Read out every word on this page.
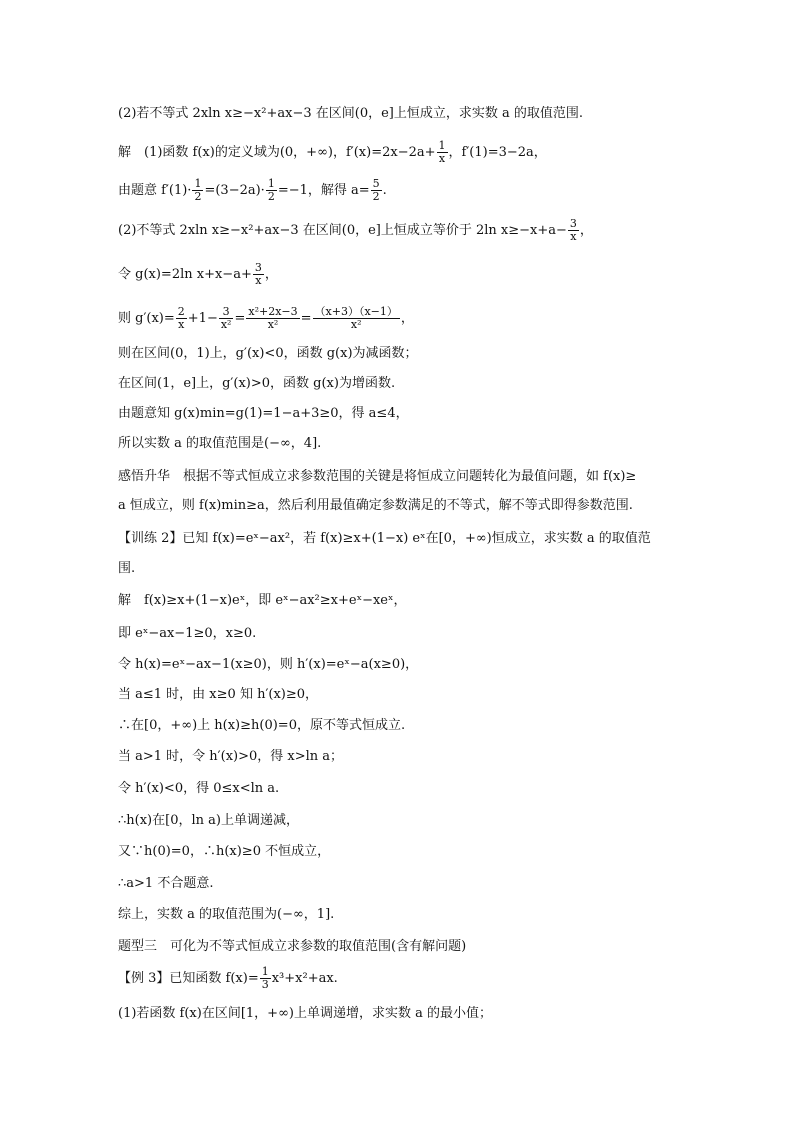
(2)若不等式 2xln x≥−x²+ax−3 在区间(0，e]上恒成立，求实数 a 的取值范围.
解　(1)函数 f(x)的定义域为(0，+∞)，$f'(x)=2x-2a+ \frac{1}{x}$ ，f′(1)=3−2a，
由题意 $f'(1)\cdot \frac{1}{2} =(3-2a)\cdot \frac{1}{2} =-1$，解得 $a= \frac{5}{2}$ .
(2)不等式 2xln x≥−x²+ax−3 在区间(0，e]上恒成立等价于 2ln $x\ge-x+a- \frac{3}{x}$ ，
令 g(x)=2ln $x+x-a+ \frac{3}{x}$ ，
则 $g'(x)= \frac{2}{x} +1- \frac{3}{\text{x²}} = \frac{\text{x²+2x−3}}{\text{x²}} = \frac{(x+3)(x-1)}{\text{x²}}$ ，
则在区间(0，1)上，g′(x)<0，函数 g(x)为减函数；
在区间(1，e]上，g′(x)>0，函数 g(x)为增函数.
由题意知 g(x)min=g(1)=1−a+3≥0，得 a≤4，
所以实数 a 的取值范围是(−∞，4].
感悟升华　根据不等式恒成立求参数范围的关键是将恒成立问题转化为最值问题，如 f(x)≥
a 恒成立，则 f(x)min≥a，然后利用最值确定参数满足的不等式，解不等式即得参数范围.
【训练 2】已知 f(x)=eˣ−ax²，若 f(x)≥x+(1−x) eˣ在[0，+∞)恒成立，求实数 a 的取值范
围.
解　f(x)≥x+(1−x)eˣ，即 eˣ−ax²≥x+eˣ−xeˣ，
即 eˣ−ax−1≥0，x≥0.
令 h(x)=eˣ−ax−1(x≥0)，则 h′(x)=eˣ−a(x≥0)，
当 a≤1 时，由 x≥0 知 h′(x)≥0，
∴在[0，+∞)上 h(x)≥h(0)=0，原不等式恒成立.
当 a>1 时，令 h′(x)>0，得 x>ln a；
令 h′(x)<0，得 0≤x<ln a.
∴h(x)在[0，ln a)上单调递减，
又∵h(0)=0，∴h(x)≥0 不恒成立，
∴a>1 不合题意.
综上，实数 a 的取值范围为(−∞，1].
题型三　可化为不等式恒成立求参数的取值范围(含有解问题)
【例 3】已知函数 $f(x)= \frac{1}{3} x^3+x^2+ax$.
(1)若函数 f(x)在区间[1，+∞)上单调递增，求实数 a 的最小值；
